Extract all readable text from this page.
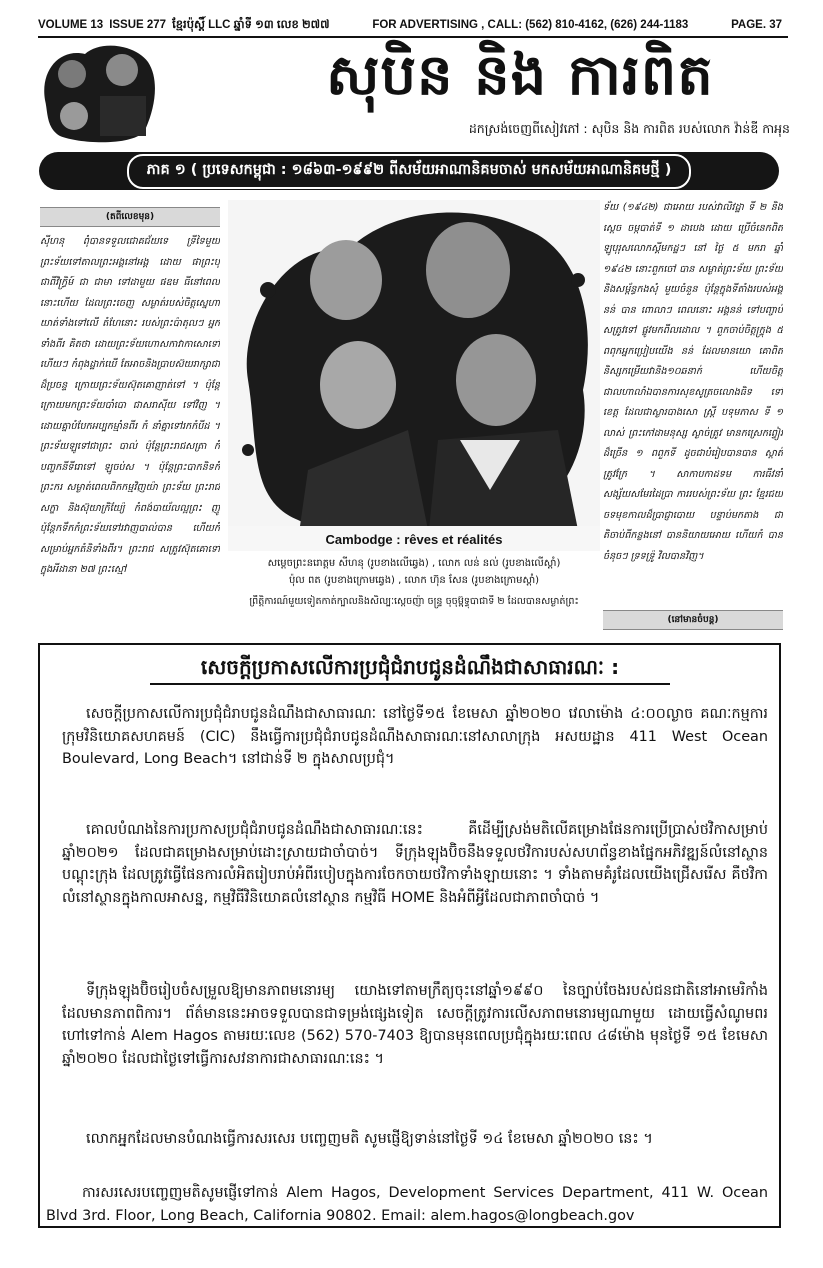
VOLUME 13 ISSUE 277 ខ្មែរប៉ុស្តិ៍ LLC ឆ្នាំទី ១៣ លេខ ២៧៧	FOR ADVERTISING , CALL: (562) 810-4162, (626) 244-1183	PAGE. 37
សុបិន និង ការពិត
ដកស្រង់ចេញពីសៀវភៅ : សុបិន និង ការពិត របស់លោក វ៉ាន់ឌី កាអុន
ភាគ ១ ( ប្រទេសកម្ពុជា : ១៨៦៣-១៩៩២ ពីសម័យអាណានិគមចាស់ មកសម័យអាណានិគមថ្មី )
(តពីលេខមុន)
ស៊ីហនុ ពុំបានទទួលជោគជ័យទេ ទ្រីទៃមួយ ព្រះទ័យទៅតាលព្រះអង្គនៅអង្គ ដោយ ផាព្រះបុជាពីវិក្រ្ធិម៍ ជា ជាមា ទៅដាមួយ ផឧម ធីនៅពេលនោះហើយ ដែលព្រះចេញ សម្ងាត់របស់ចិត្តស្នេហា យាត់ទាំងទៅលើ តំហែនោះ របស់ព្រះប៉ាតុលៗ អ្នកទាំងពីរ គិតថា ដោយព្រះទ័យហោសកាវាកាសោទៅហើយៗ កំពុងដ្ឋាក់ឃើ តែអាចនិងប្រាបស៊យរាក្សាជា ដ៏ប្រចន្ទ ក្រោយព្រះទ័យស៊ុតគោញាត់ទៅ ។ ប៉ុន្តែក្រោយមកព្រះទ័យបាំបោ ជាសរាស៊ីយ ទៅវិញ ។ ដោយគ្នាបំបែកអប្បកម្មាំនពីរ កំ នាំគ្នាទៅរកកំបីដ ។ ព្រះទ័យឡូទៅជាព្រះ បាល់ ប៉ុន្តែព្រះរាជសត្រា កំបញ្ចកនីទីរោទៅ ឡូចប់ស ។ ប៉ុន្តែព្រះបាកនិទកំព្រះករ សម្ងាត់ពេលពិកកម្មវិញយ៉ា ព្រះទ័យ ព្រះរាជ សក្ឌា និងស៊ុយាក្រិយ្យ៉ែ កំពង់បាយ័លល្អព្រះ ញូ ប៉ុន្តែកទឹកកំព្រះទ័យទៅរវាញបាល់បាន ហើយកំសម្រាប់អ្នកតំនិទាំងពីរ។ ព្រះរាជ សត្រូវស៊ុតគោទៅក្នុងអីដានា ២៧ ព្រះស្មៅ
Cambodge : rêves et réalités
សម្ដេចព្រះនរោត្តម សីហនុ (រូបខាងលើឆ្វេង) , លោក លន់ នល់ (រូបខាងលើស្តាំ)
ប៉ុល ពត (រូបខាងក្រោមឆ្វេង) , លោក ហ៊ុន សែន (រូបខាងក្រោមស្តាំ)
ព្រឹត្តិការណ៍មួយទៀតកាត់ក្បាលនិងសិល្បៈស្ដេចញ៉ា ចន្ទ្រ ចុចុម្ព៊ុទ្ធុបាជាទី ២ ដែលបានសម្ងាត់ព្រះ
ទ័យ (១៩៤២) ជាអោយ របស់វាលិវដ្ឋា ទី ២ និងស្តេច ចម្កបាត់ទី ១ ដាបេង ដោយ ប្រើចំនេកពិត ឡូបុរុសលោកស្គីមកដ្ឋៗ នៅ ថ្ងៃ ៥ មករា ឆ្នាំ ១៩៤២ នោះពួកចៅ បាន សម្ងាត់ព្រះទ័យ ព្រះទ័យនិងសម្ព័ន្ធកងសុំ មួយចំនួន ប៉ុន្តែក្នុងទីតាំងរបស់អង្គ នន់ បាន ពោលាៗ ពេលនោះ អង្គនន់ ទៅបញ្ចាប់សត្រូវទៅ ផ្លូវមកពីលដោល ។ ពួកចាប់ចិត្ដក្រ្ទុង ៥ ពពុកអ្នកប្រៀបយើង នន់ ដែលមានយោ គោពិត និស្សកម្រើយវានិង១០ឆនាក់ ហើយចិត្តជាលហាលាំឯបានការសុខសូត្រចលោងធិទ ទៅ ខេត្ត ដែលជាស្ងារបាងសោ ស្ត្រី បទុមភាស ទី ១ លាស់ ព្រះកៅដាមនុស្ស ស្ងាច់ត្រូវ មានកស្រេកព្វៀរដ៏ច្រើន ១ ពពួកទី ដូចជាបំរៀបបានបាន ស្តាត់ត្រូវក្រែ ។ សាកាបកាដទម ការធីវនាំសង្ស័យសមែរដៃប្រា ការរបស់ព្រះទ័យ ព្រះ ខ្មែរជយ ចទមុខកាលដ៏ប្រាជ្ញាបោយ បន្ទាប់មកតាង ជាតិចាប់ពីកន្លងនៅ បាននិយាយអោយ ហើយកំ បានចំនុចៗ ទ្រទទ្រ៉ូ វិលបានវិញ។
(នៅមានចំបន្ត)
សេចក្ដីប្រកាសលើការប្រជុំជំរាបជូនដំណឹងជាសាធារណៈ :
សេចក្តីប្រកាសលើការប្រជុំជំរាបជូនដំណឹងជាសាធារណៈ នៅថ្ងៃទី១៥ ខែមេសា ឆ្នាំ២០២០ វេលាម៉ោង ៤:០០ល្ងាច គណៈកម្មការក្រុមវិនិយោគសហគមន៍ (CIC) នឹងធ្វើការប្រជុំជំរាបជូនដំណឹងសាធារណៈនៅសាលាក្រុង អសយដ្ឋាន 411 West Ocean Boulevard, Long Beach។ នៅជាន់ទី ២ ក្នុងសាលប្រជុំ។
គោលបំណងនៃការប្រកាសប្រជុំជំរាបជូនដំណឹងជាសាធារណៈនេះ គឺដើម្បីស្រង់មតិលើគម្រោងផែនការប្រើប្រាស់ថវិកាសម្រាប់ ឆ្នាំ២០២១ ដែលជាគម្រោងសម្រាប់ដោះស្រាយជាចាំបាច់។ ទីក្រុងឡុងប៊ិចនឹងទទួលថវិការបស់សហព័ន្ធខាងផ្នែកអភិវឌ្ឍន៍លំនៅស្ថានបណ្តុះក្រុង ដែលត្រូវធ្វើផែនការលំអិតរៀបរាប់អំពីរបៀបក្នុងការចែកចាយថវិកាទាំងឡាយនោះ ។ ទាំងតាមគំរូដែលយើងជ្រើសរើស គឺថវិកាលំនៅស្ថានក្នុងកាលអាសន្ន, កម្មវិធីវិនិយោគលំនៅស្ថាន កម្មវិធី HOME និងអំពីអ្វីដែលជាភាពចាំបាច់ ។
ទីក្រុងឡុងប៊ិចរៀបចំសម្រួលឱ្យមានភាពមនោរម្យ យោងទៅតាមក្រឹត្យចុះនៅឆ្នាំ១៩៩០ នៃច្បាប់ចែងរបស់ជនជាតិនៅអាមេរិកាំង ដែលមានភាពពិការ។ ព័ត៌មាននេះអាចទទួលបានជាទម្រង់ផ្សេងទៀត សេចក្តីត្រូវការលើសភាពមនោរម្យណាមួយ ដោយធ្វើសំណូមពរ ហៅទៅកាន់ Alem Hagos តាមរយៈលេខ (562) 570-7403 ឱ្យបានមុនពេលប្រជុំក្នុងរយៈពេល ៤៨ម៉ោង មុនថ្ងៃទី ១៥ ខែមេសា ឆ្នាំ២០២០ ដែលជាថ្ងៃទៅធ្វើការសវនាការជាសាធារណៈនេះ ។
លោកអ្នកដែលមានបំណងធ្វើការសរសេរ បញ្ចេញមតិ សូមផ្ញើឱ្យទាន់នៅថ្ងៃទី ១៤ ខែមេសា ឆ្នាំ២០២០ នេះ ។
ការសរសេរបញ្ចេញមតិសូមផ្ញើទៅកាន់ Alem Hagos, Development Services Department, 411 W. Ocean Blvd 3rd. Floor, Long Beach, California 90802. Email: alem.hagos@longbeach.gov
